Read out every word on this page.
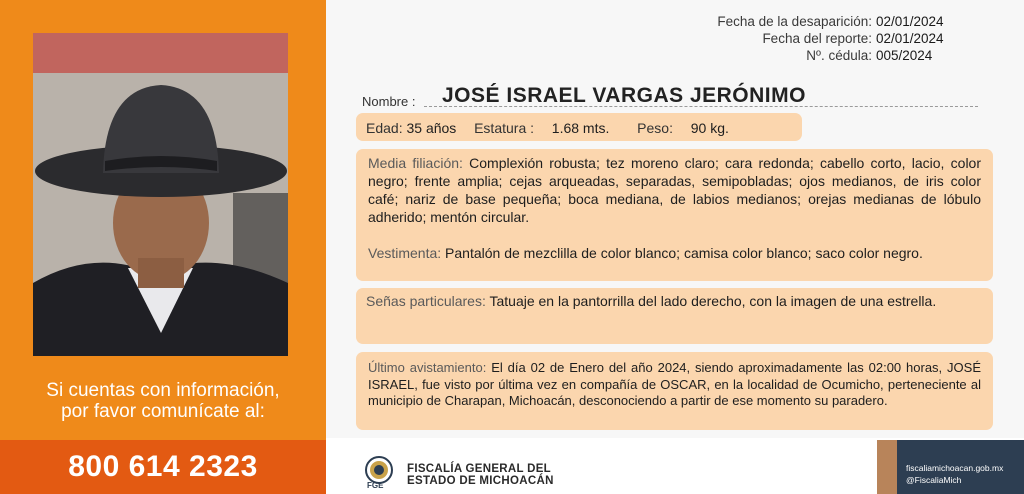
Si cuentas con información,
por favor comunícate al:
800 614 2323
Fecha de la desaparición:
Fecha del reporte:
Nº. cédula:
02/01/2024
02/01/2024
005/2024
Nombre : JOSÉ ISRAEL VARGAS JERÓNIMO
Edad: 35 años Estatura : 1.68 mts. Peso: 90 kg.

Media filiación: Complexión robusta; tez moreno claro; cara redonda; cabello corto, lacio, color negro; frente amplia; cejas arqueadas, separadas, semipobladas; ojos medianos, de iris color café; nariz de base pequeña; boca mediana, de labios medianos; orejas medianas de lóbulo adherido; mentón circular.

Vestimenta: Pantalón de mezclilla de color blanco; camisa color blanco; saco color negro.

Señas particulares: Tatuaje en la pantorrilla del lado derecho, con la imagen de una estrella.

Último avistamiento: El día 02 de Enero del año 2024, siendo aproximadamente las 02:00 horas, JOSÉ ISRAEL, fue visto por última vez en compañía de OSCAR, en la localidad de Ocumicho, perteneciente al municipio de Charapan, Michoacán, desconociendo a partir de ese momento su paradero.

FGE
FISCALÍA GENERAL DEL
ESTADO DE MICHOACÁN
fiscaliamichoacan.gob.mx
@FiscaliaMich
